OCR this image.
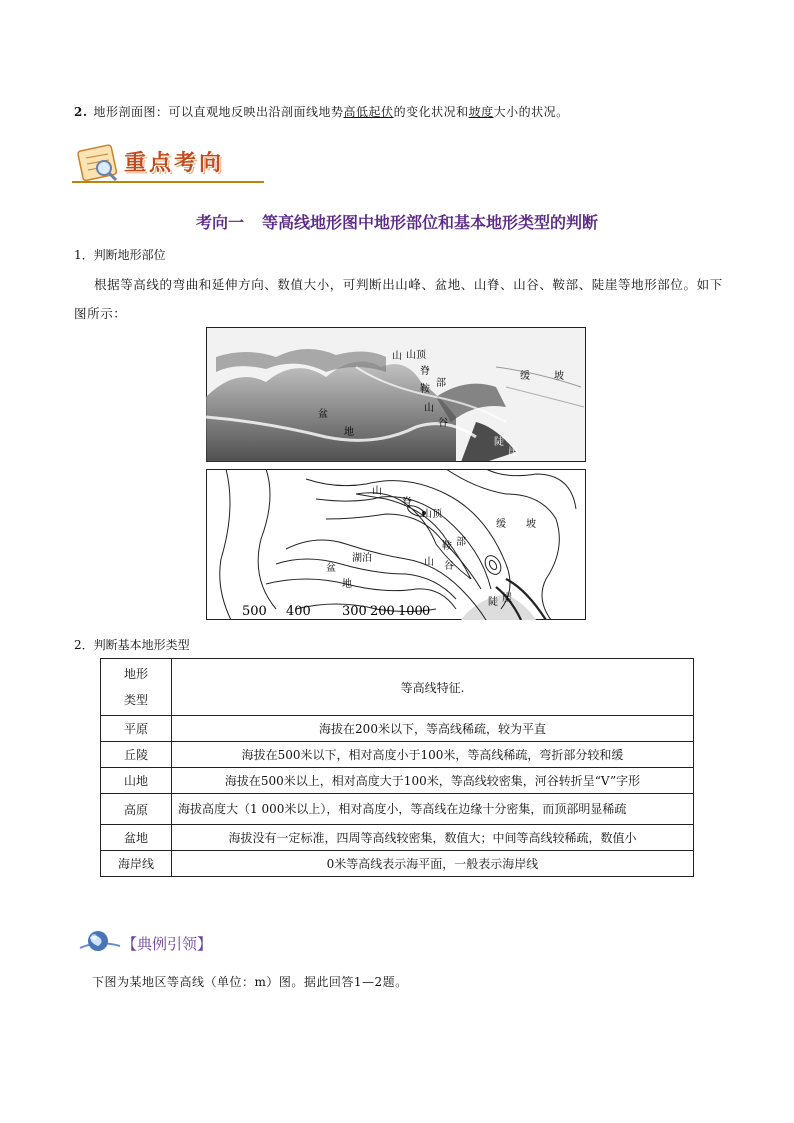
2. 地形剖面图：可以直观地反映出沿剖面线地势高低起伏的变化状况和坡度大小的状况。
重点考向
考向一 等高线地形图中地形部位和基本地形类型的判断
1．判断地形部位
根据等高线的弯曲和延伸方向、数值大小，可判断出山峰、盆地、山脊、山谷、鞍部、陡崖等地形部位。如下图所示：
山 山顶
脊
部
鞍
山
谷
盆
地
缓 坡
陡
崖
山
脊
山顶
缓 坡
部
鞍
山 谷
湖泊
盆
地
陡 崖
500 400 300 200 100 0
2．判断基本地形类型
地形
类型	等高线特征.
平原	海拔在200米以下，等高线稀疏，较为平直
丘陵	海拔在500米以下，相对高度小于100米，等高线稀疏，弯折部分较和缓
山地	海拔在500米以上，相对高度大于100米，等高线较密集，河谷转折呈“V”字形
高原	海拔高度大（1 000米以上），相对高度小，等高线在边缘十分密集，而顶部明显稀疏
盆地	海拔没有一定标准，四周等高线较密集，数值大；中间等高线较稀疏，数值小
海岸线	0米等高线表示海平面，一般表示海岸线
【典例引领】
下图为某地区等高线（单位：m）图。据此回答1—2题。
